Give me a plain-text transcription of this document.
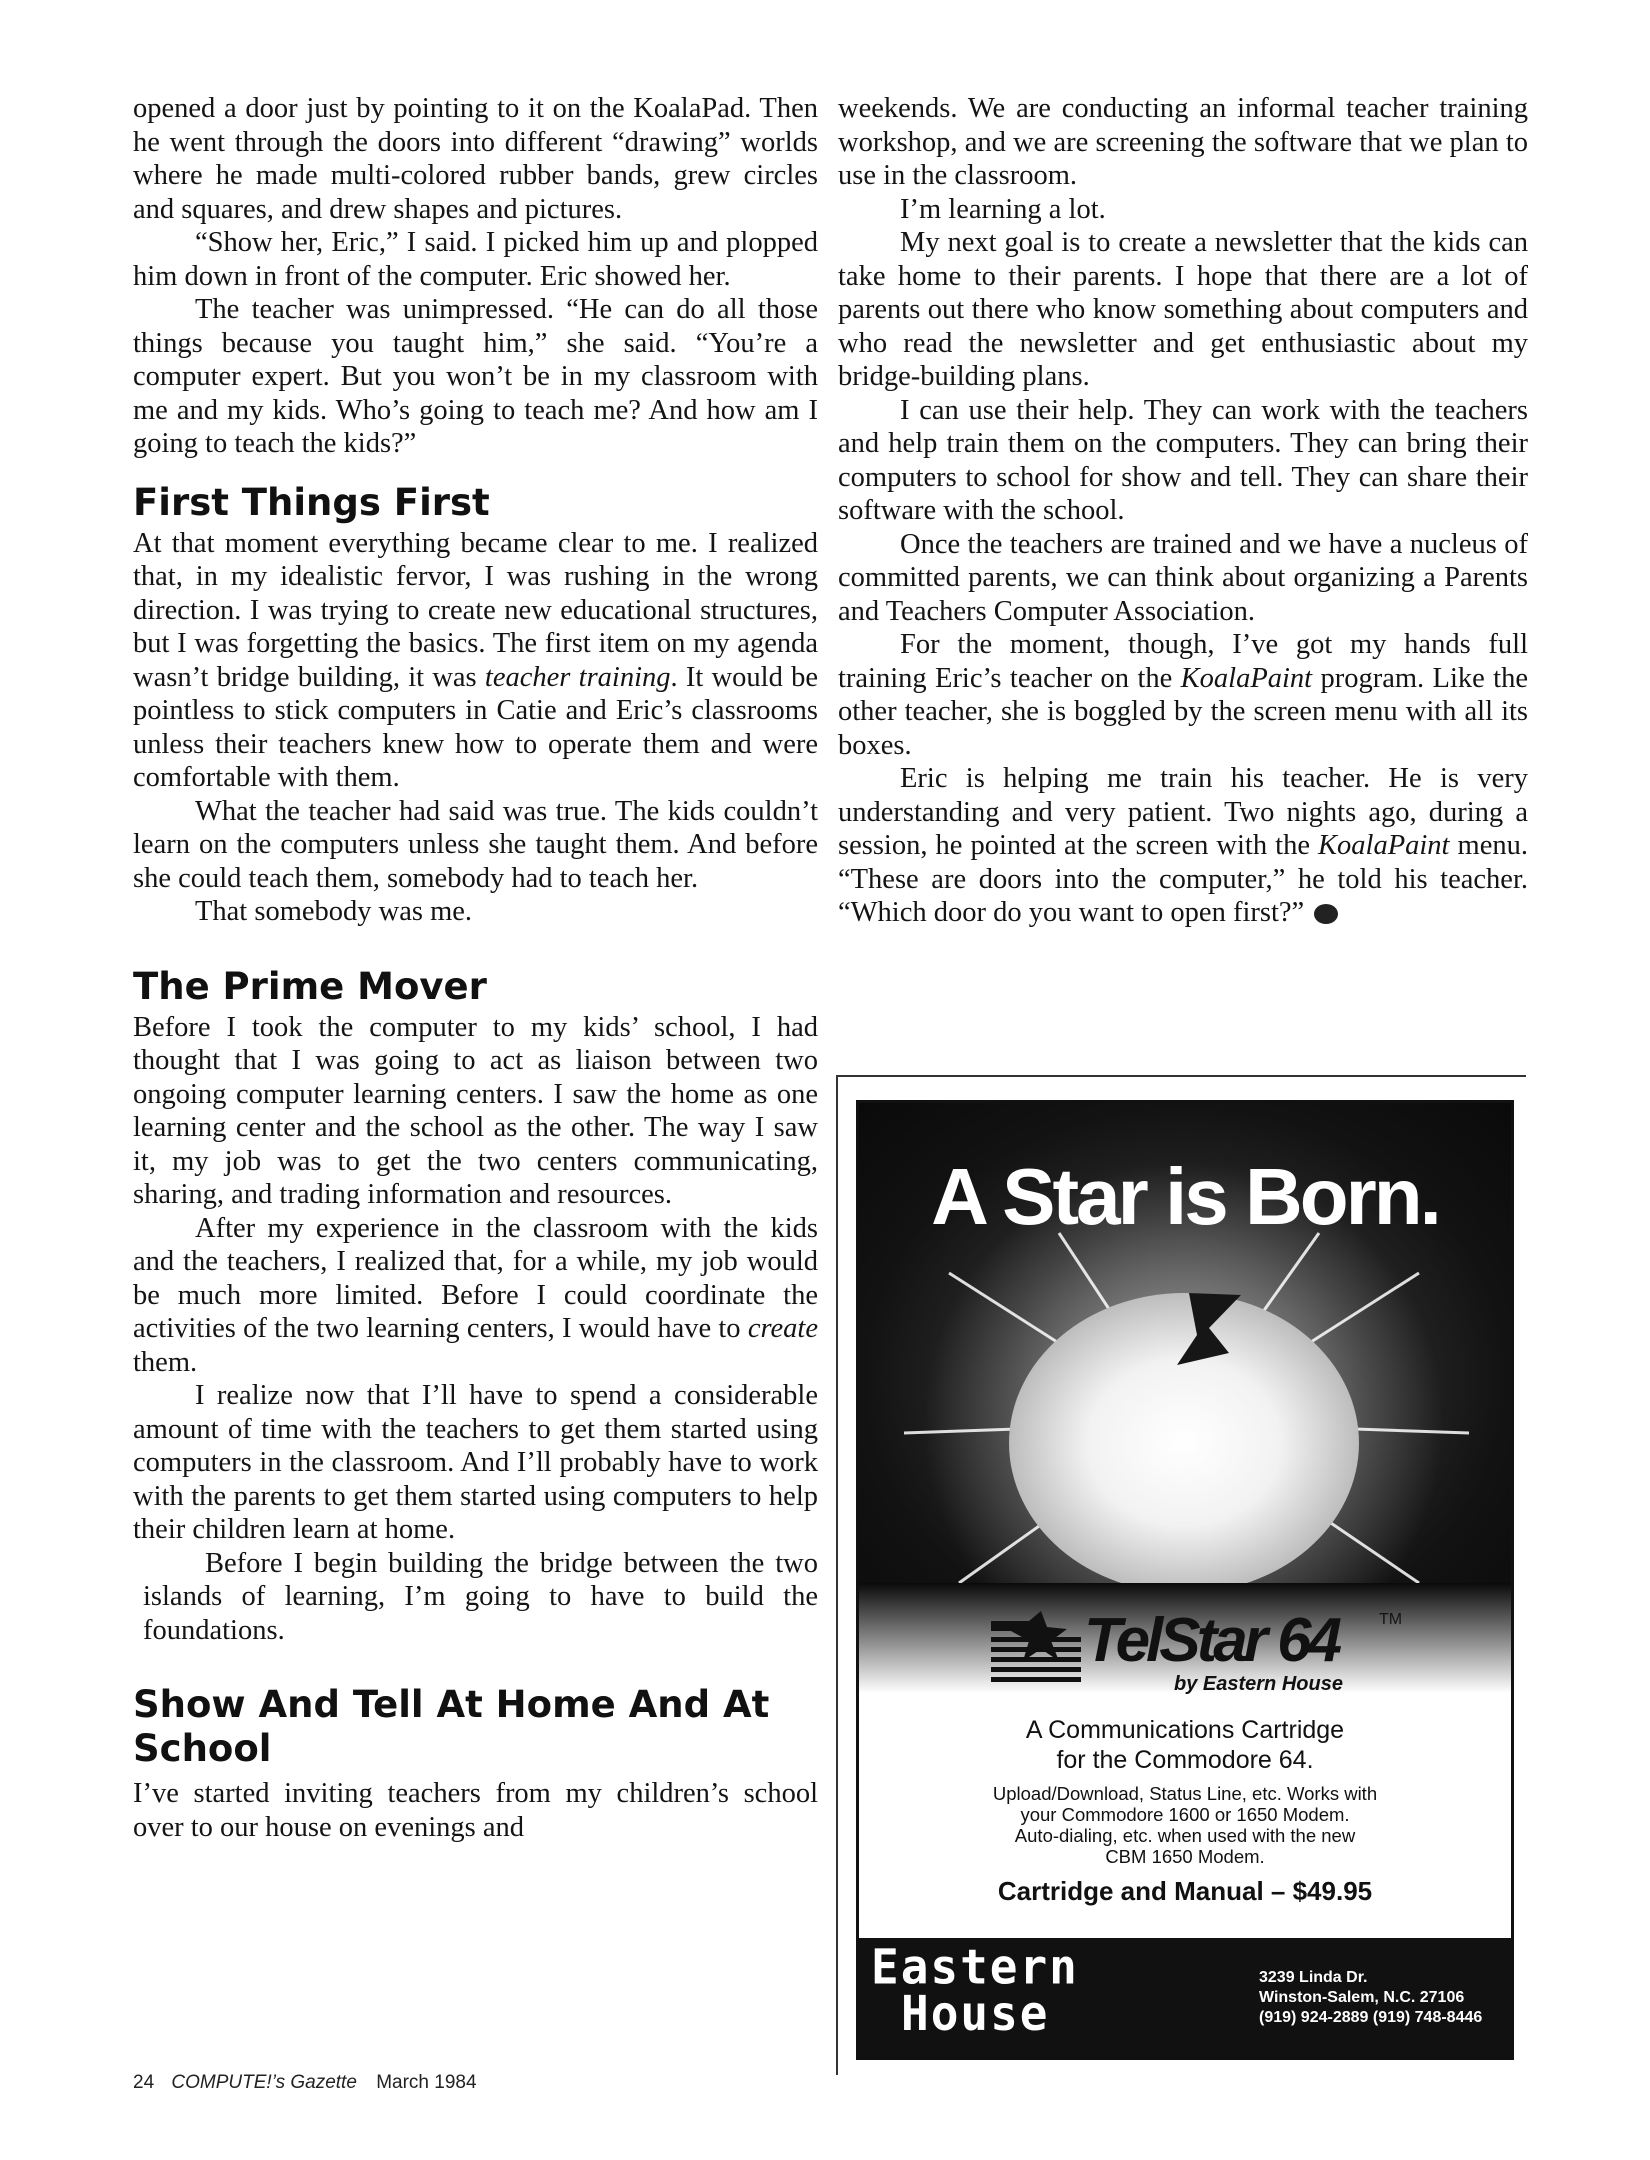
opened a door just by pointing to it on the KoalaPad. Then he went through the doors into different “drawing” worlds where he made multi-colored rubber bands, grew circles and squares, and drew shapes and pictures.

“Show her, Eric,” I said. I picked him up and plopped him down in front of the computer. Eric showed her.

The teacher was unimpressed. “He can do all those things because you taught him,” she said. “You’re a computer expert. But you won’t be in my classroom with me and my kids. Who’s going to teach me? And how am I going to teach the kids?”

First Things First

At that moment everything became clear to me. I realized that, in my idealistic fervor, I was rushing in the wrong direction. I was trying to create new educational structures, but I was forgetting the basics. The first item on my agenda wasn’t bridge building, it was teacher training. It would be pointless to stick computers in Catie and Eric’s classrooms unless their teachers knew how to operate them and were comfortable with them.

What the teacher had said was true. The kids couldn’t learn on the computers unless she taught them. And before she could teach them, somebody had to teach her.

That somebody was me.

The Prime Mover

Before I took the computer to my kids’ school, I had thought that I was going to act as liaison between two ongoing computer learning centers. I saw the home as one learning center and the school as the other. The way I saw it, my job was to get the two centers communicating, sharing, and trading information and resources.

After my experience in the classroom with the kids and the teachers, I realized that, for a while, my job would be much more limited. Before I could coordinate the activities of the two learning centers, I would have to create them.

I realize now that I’ll have to spend a considerable amount of time with the teachers to get them started using computers in the classroom. And I’ll probably have to work with the parents to get them started using computers to help their children learn at home.

Before I begin building the bridge between the two islands of learning, I’m going to have to build the foundations.

Show And Tell At Home And At School

I’ve started inviting teachers from my children’s school over to our house on evenings and

weekends. We are conducting an informal teacher training workshop, and we are screening the software that we plan to use in the classroom.

I’m learning a lot.

My next goal is to create a newsletter that the kids can take home to their parents. I hope that there are a lot of parents out there who know something about computers and who read the newsletter and get enthusiastic about my bridge-building plans.

I can use their help. They can work with the teachers and help train them on the computers. They can bring their computers to school for show and tell. They can share their software with the school.

Once the teachers are trained and we have a nucleus of committed parents, we can think about organizing a Parents and Teachers Computer Association.

For the moment, though, I’ve got my hands full training Eric’s teacher on the KoalaPaint program. Like the other teacher, she is boggled by the screen menu with all its boxes.

Eric is helping me train his teacher. He is very understanding and very patient. Two nights ago, during a session, he pointed at the screen with the KoalaPaint menu. “These are doors into the computer,” he told his teacher. “Which door do you want to open first?”	G

A Star is Born.
TelStar 64	TM
by Eastern House
A Communications Cartridge
for the Commodore 64.
Upload/Download, Status Line, etc. Works with
your Commodore 1600 or 1650 Modem.
Auto-dialing, etc. when used with the new
CBM 1650 Modem.
Cartridge and Manual – $49.95
Eastern
House
3239 Linda Dr.
Winston-Salem, N.C. 27106
(919) 924-2889 (919) 748-8446
24 COMPUTE!’s Gazette March 1984
